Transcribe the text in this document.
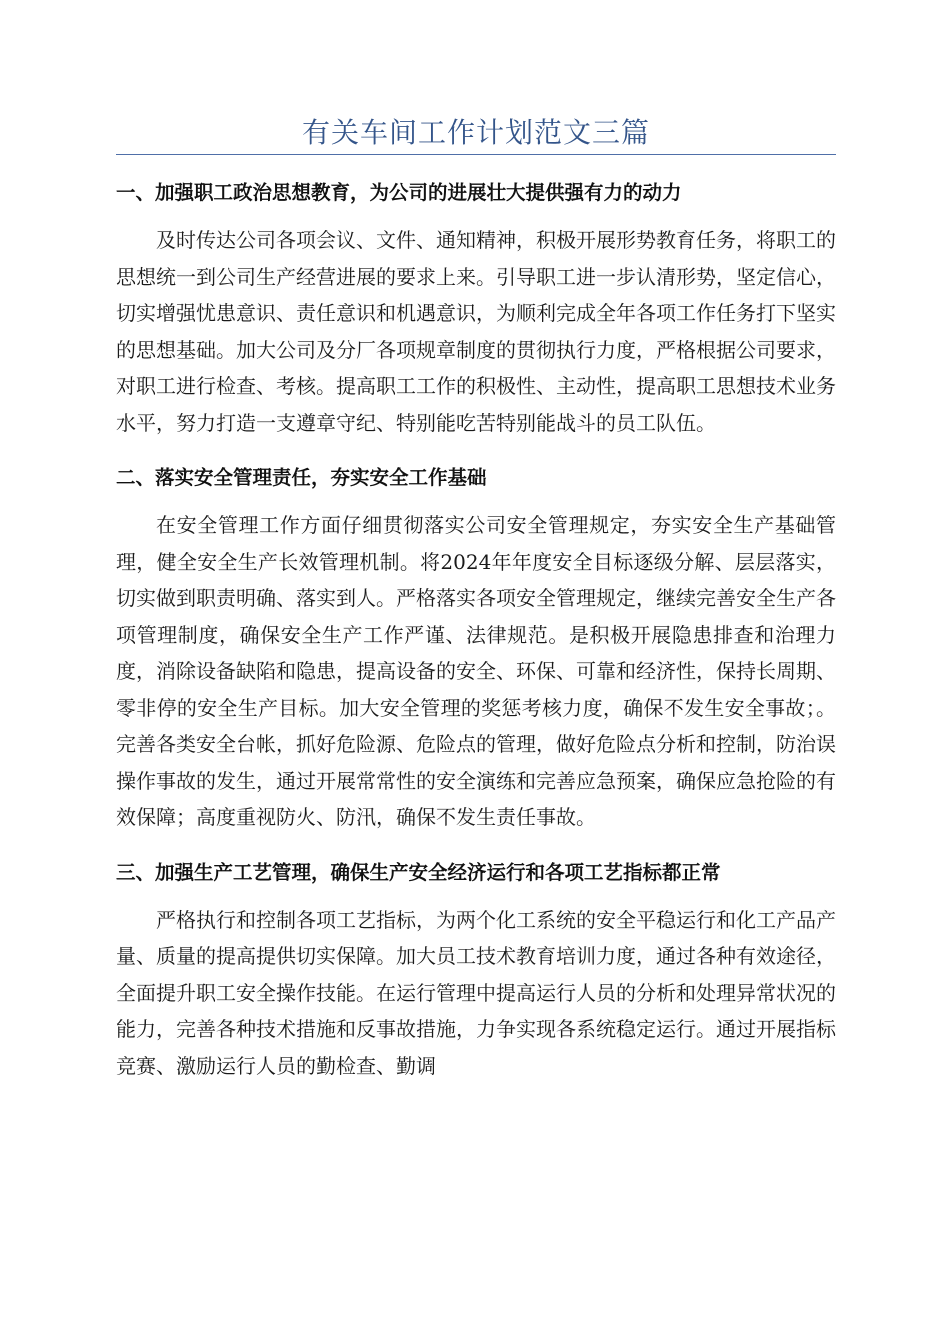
有关车间工作计划范文三篇
一、加强职工政治思想教育，为公司的进展壮大提供强有力的动力

及时传达公司各项会议、文件、通知精神，积极开展形势教育任务，将职工的思想统一到公司生产经营进展的要求上来。引导职工进一步认清形势，坚定信心，切实增强忧患意识、责任意识和机遇意识，为顺利完成全年各项工作任务打下坚实的思想基础。加大公司及分厂各项规章制度的贯彻执行力度，严格根据公司要求，对职工进行检查、考核。提高职工工作的积极性、主动性，提高职工思想技术业务水平，努力打造一支遵章守纪、特别能吃苦特别能战斗的员工队伍。

二、落实安全管理责任，夯实安全工作基础

在安全管理工作方面仔细贯彻落实公司安全管理规定，夯实安全生产基础管理，健全安全生产长效管理机制。将2024年年度安全目标逐级分解、层层落实，切实做到职责明确、落实到人。严格落实各项安全管理规定，继续完善安全生产各项管理制度，确保安全生产工作严谨、法律规范。是积极开展隐患排查和治理力度，消除设备缺陷和隐患，提高设备的安全、环保、可靠和经济性，保持长周期、零非停的安全生产目标。加大安全管理的奖惩考核力度，确保不发生安全事故；。完善各类安全台帐，抓好危险源、危险点的管理，做好危险点分析和控制，防治误操作事故的发生，通过开展常常性的安全演练和完善应急预案，确保应急抢险的有效保障；高度重视防火、防汛，确保不发生责任事故。

三、加强生产工艺管理，确保生产安全经济运行和各项工艺指标都正常

严格执行和控制各项工艺指标，为两个化工系统的安全平稳运行和化工产品产量、质量的提高提供切实保障。加大员工技术教育培训力度，通过各种有效途径，全面提升职工安全操作技能。在运行管理中提高运行人员的分析和处理异常状况的能力，完善各种技术措施和反事故措施，力争实现各系统稳定运行。通过开展指标竞赛、激励运行人员的勤检查、勤调
